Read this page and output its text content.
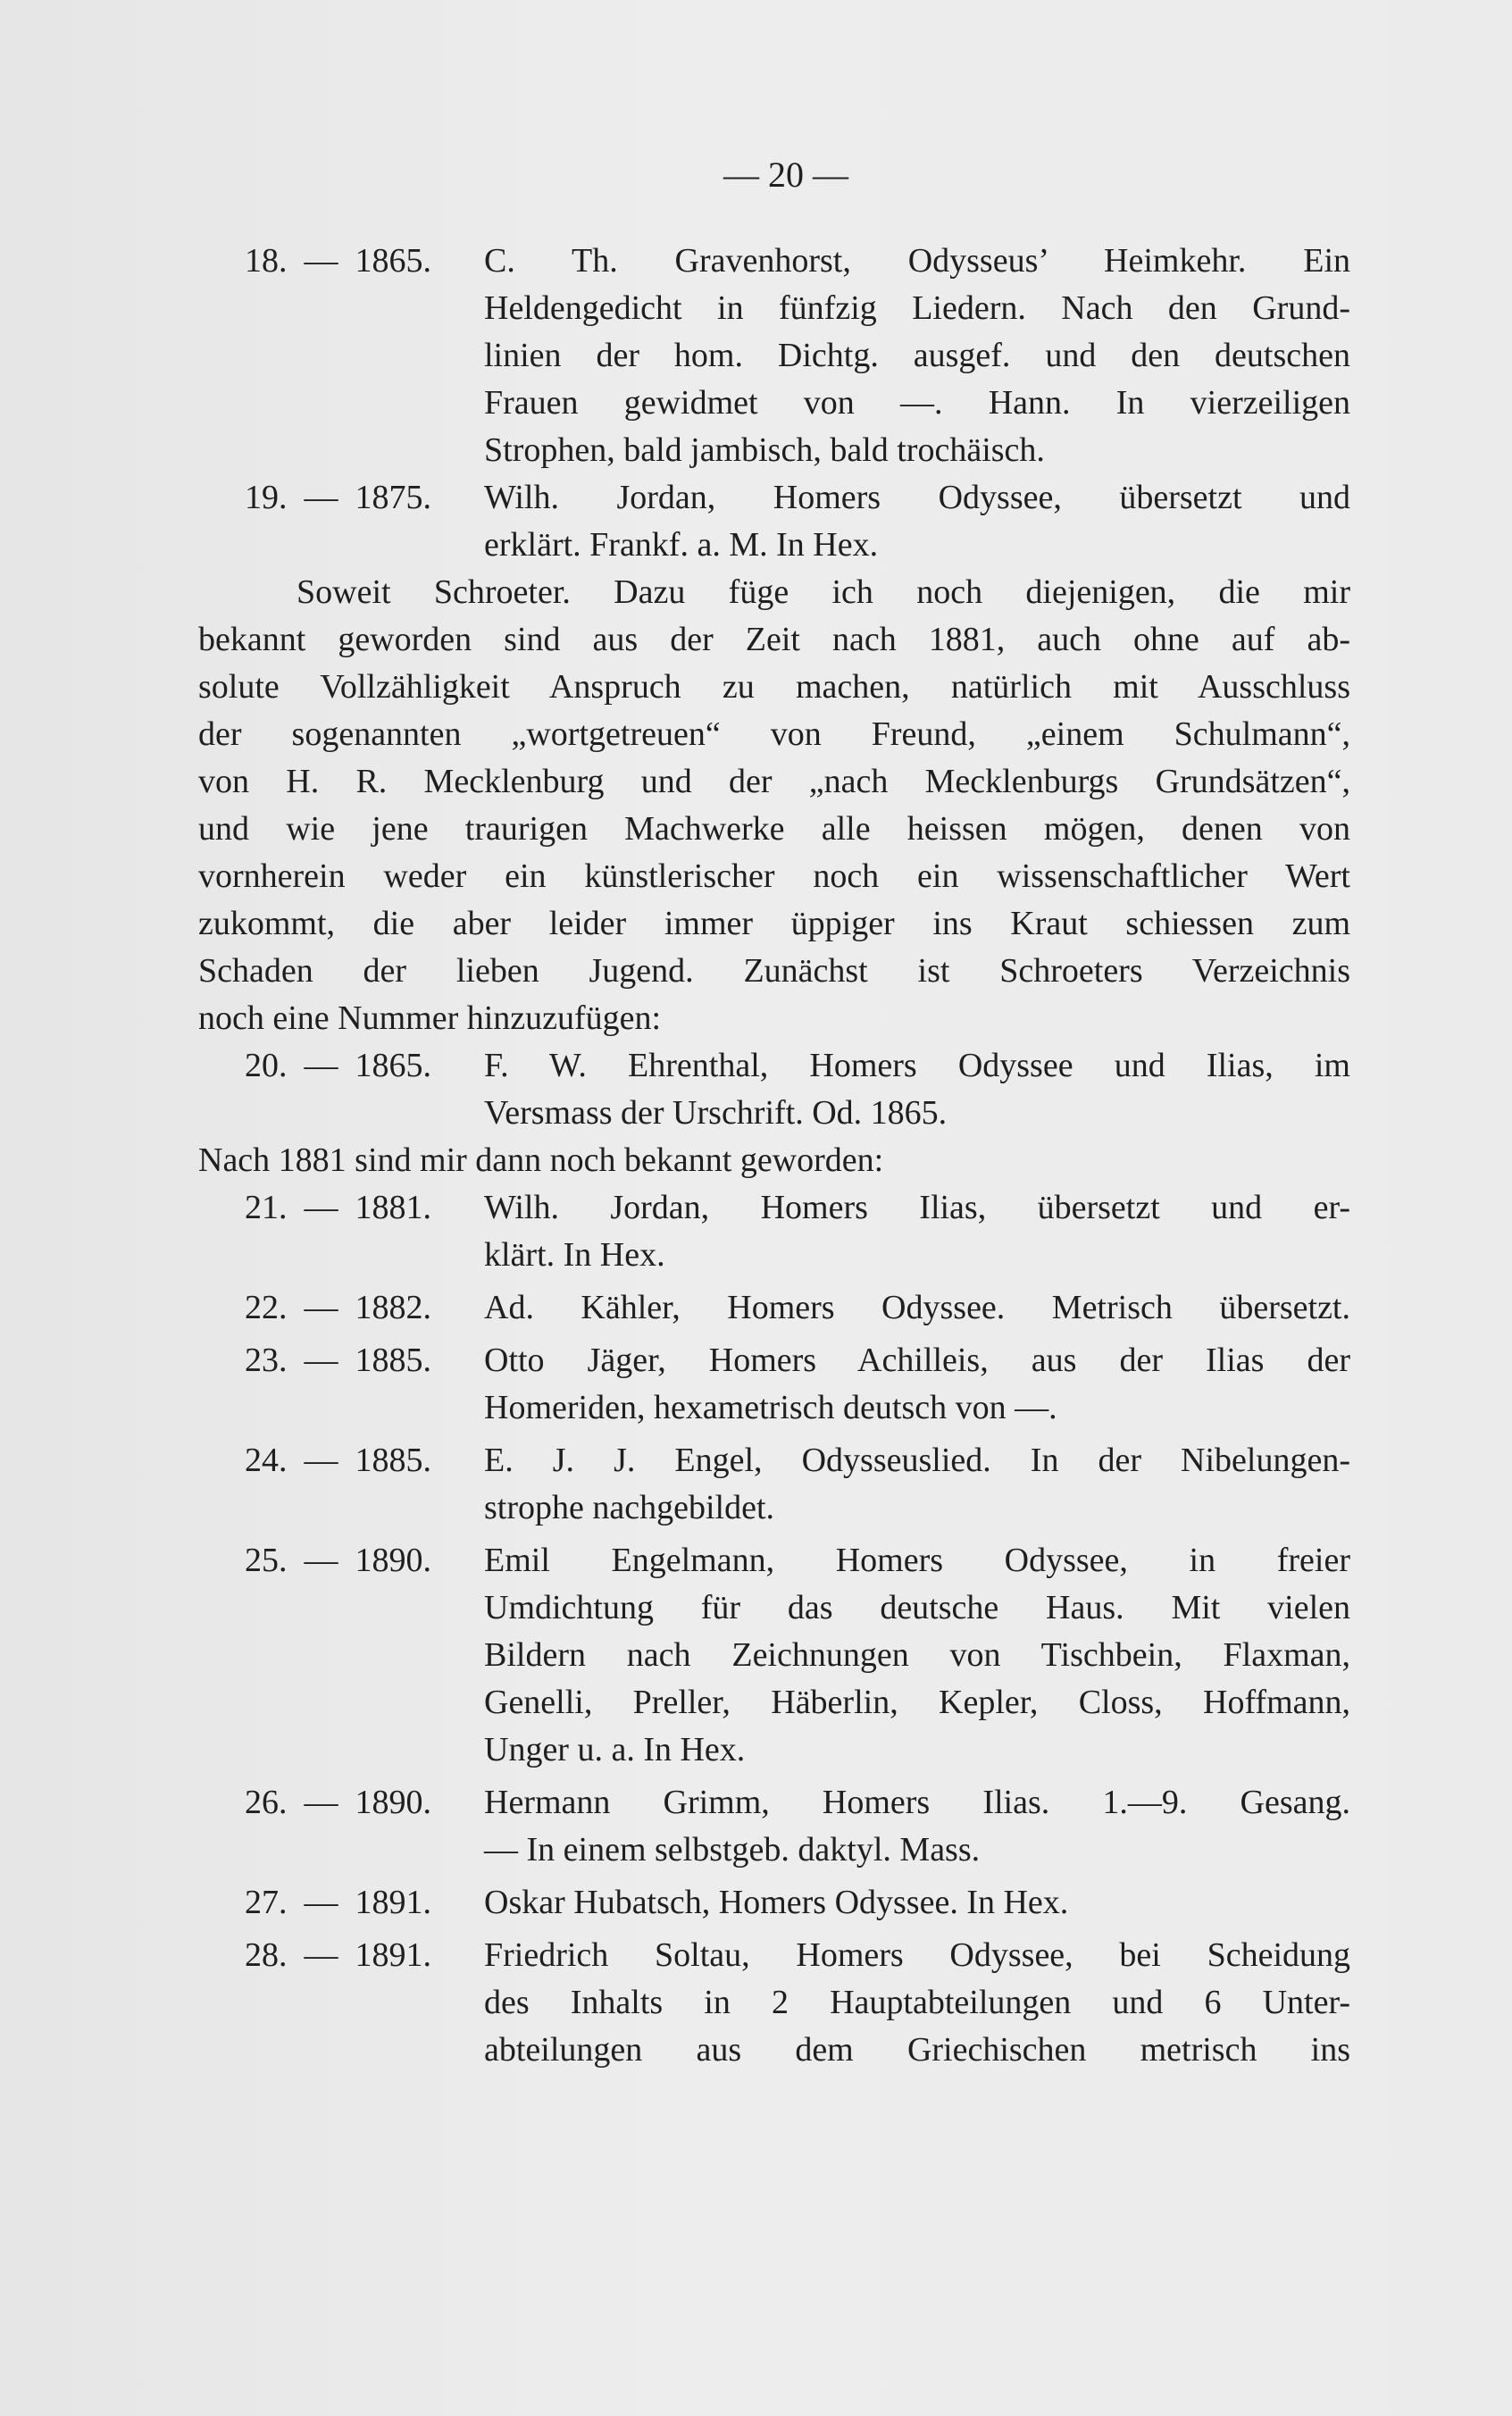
— 20 —
18.  —  1865.	C. Th. Gravenhorst, Odysseus’ Heimkehr. Ein
Heldengedicht in fünfzig Liedern. Nach den Grund-
linien der hom. Dichtg. ausgef. und den deutschen
Frauen gewidmet von —. Hann. In vierzeiligen
Strophen, bald jambisch, bald trochäisch.
19.  —  1875.	Wilh. Jordan, Homers Odyssee, übersetzt und
erklärt. Frankf. a. M. In Hex.
Soweit Schroeter. Dazu füge ich noch diejenigen, die mir
bekannt geworden sind aus der Zeit nach 1881, auch ohne auf ab-
solute Vollzähligkeit Anspruch zu machen, natürlich mit Ausschluss
der sogenannten „wortgetreuen“ von Freund, „einem Schulmann“,
von H. R. Mecklenburg und der „nach Mecklenburgs Grundsätzen“,
und wie jene traurigen Machwerke alle heissen mögen, denen von
vornherein weder ein künstlerischer noch ein wissenschaftlicher Wert
zukommt, die aber leider immer üppiger ins Kraut schiessen zum
Schaden der lieben Jugend. Zunächst ist Schroeters Verzeichnis
noch eine Nummer hinzuzufügen:
20.  —  1865.	F. W. Ehrenthal, Homers Odyssee und Ilias, im
Versmass der Urschrift. Od. 1865.
Nach 1881 sind mir dann noch bekannt geworden:
21.  —  1881.	Wilh. Jordan, Homers Ilias, übersetzt und er-
klärt. In Hex.
22.  —  1882.	Ad. Kähler, Homers Odyssee. Metrisch übersetzt.
23.  —  1885.	Otto Jäger, Homers Achilleis, aus der Ilias der
Homeriden, hexametrisch deutsch von —.
24.  —  1885.	E. J. J. Engel, Odysseuslied. In der Nibelungen-
strophe nachgebildet.
25.  —  1890.	Emil Engelmann, Homers Odyssee, in freier
Umdichtung für das deutsche Haus. Mit vielen
Bildern nach Zeichnungen von Tischbein, Flaxman,
Genelli, Preller, Häberlin, Kepler, Closs, Hoffmann,
Unger u. a. In Hex.
26.  —  1890.	Hermann Grimm, Homers Ilias. 1.—9. Gesang.
— In einem selbstgeb. daktyl. Mass.
27.  —  1891.	Oskar Hubatsch, Homers Odyssee. In Hex.
28.  —  1891.	Friedrich Soltau, Homers Odyssee, bei Scheidung
des Inhalts in 2 Hauptabteilungen und 6 Unter-
abteilungen aus dem Griechischen metrisch ins
